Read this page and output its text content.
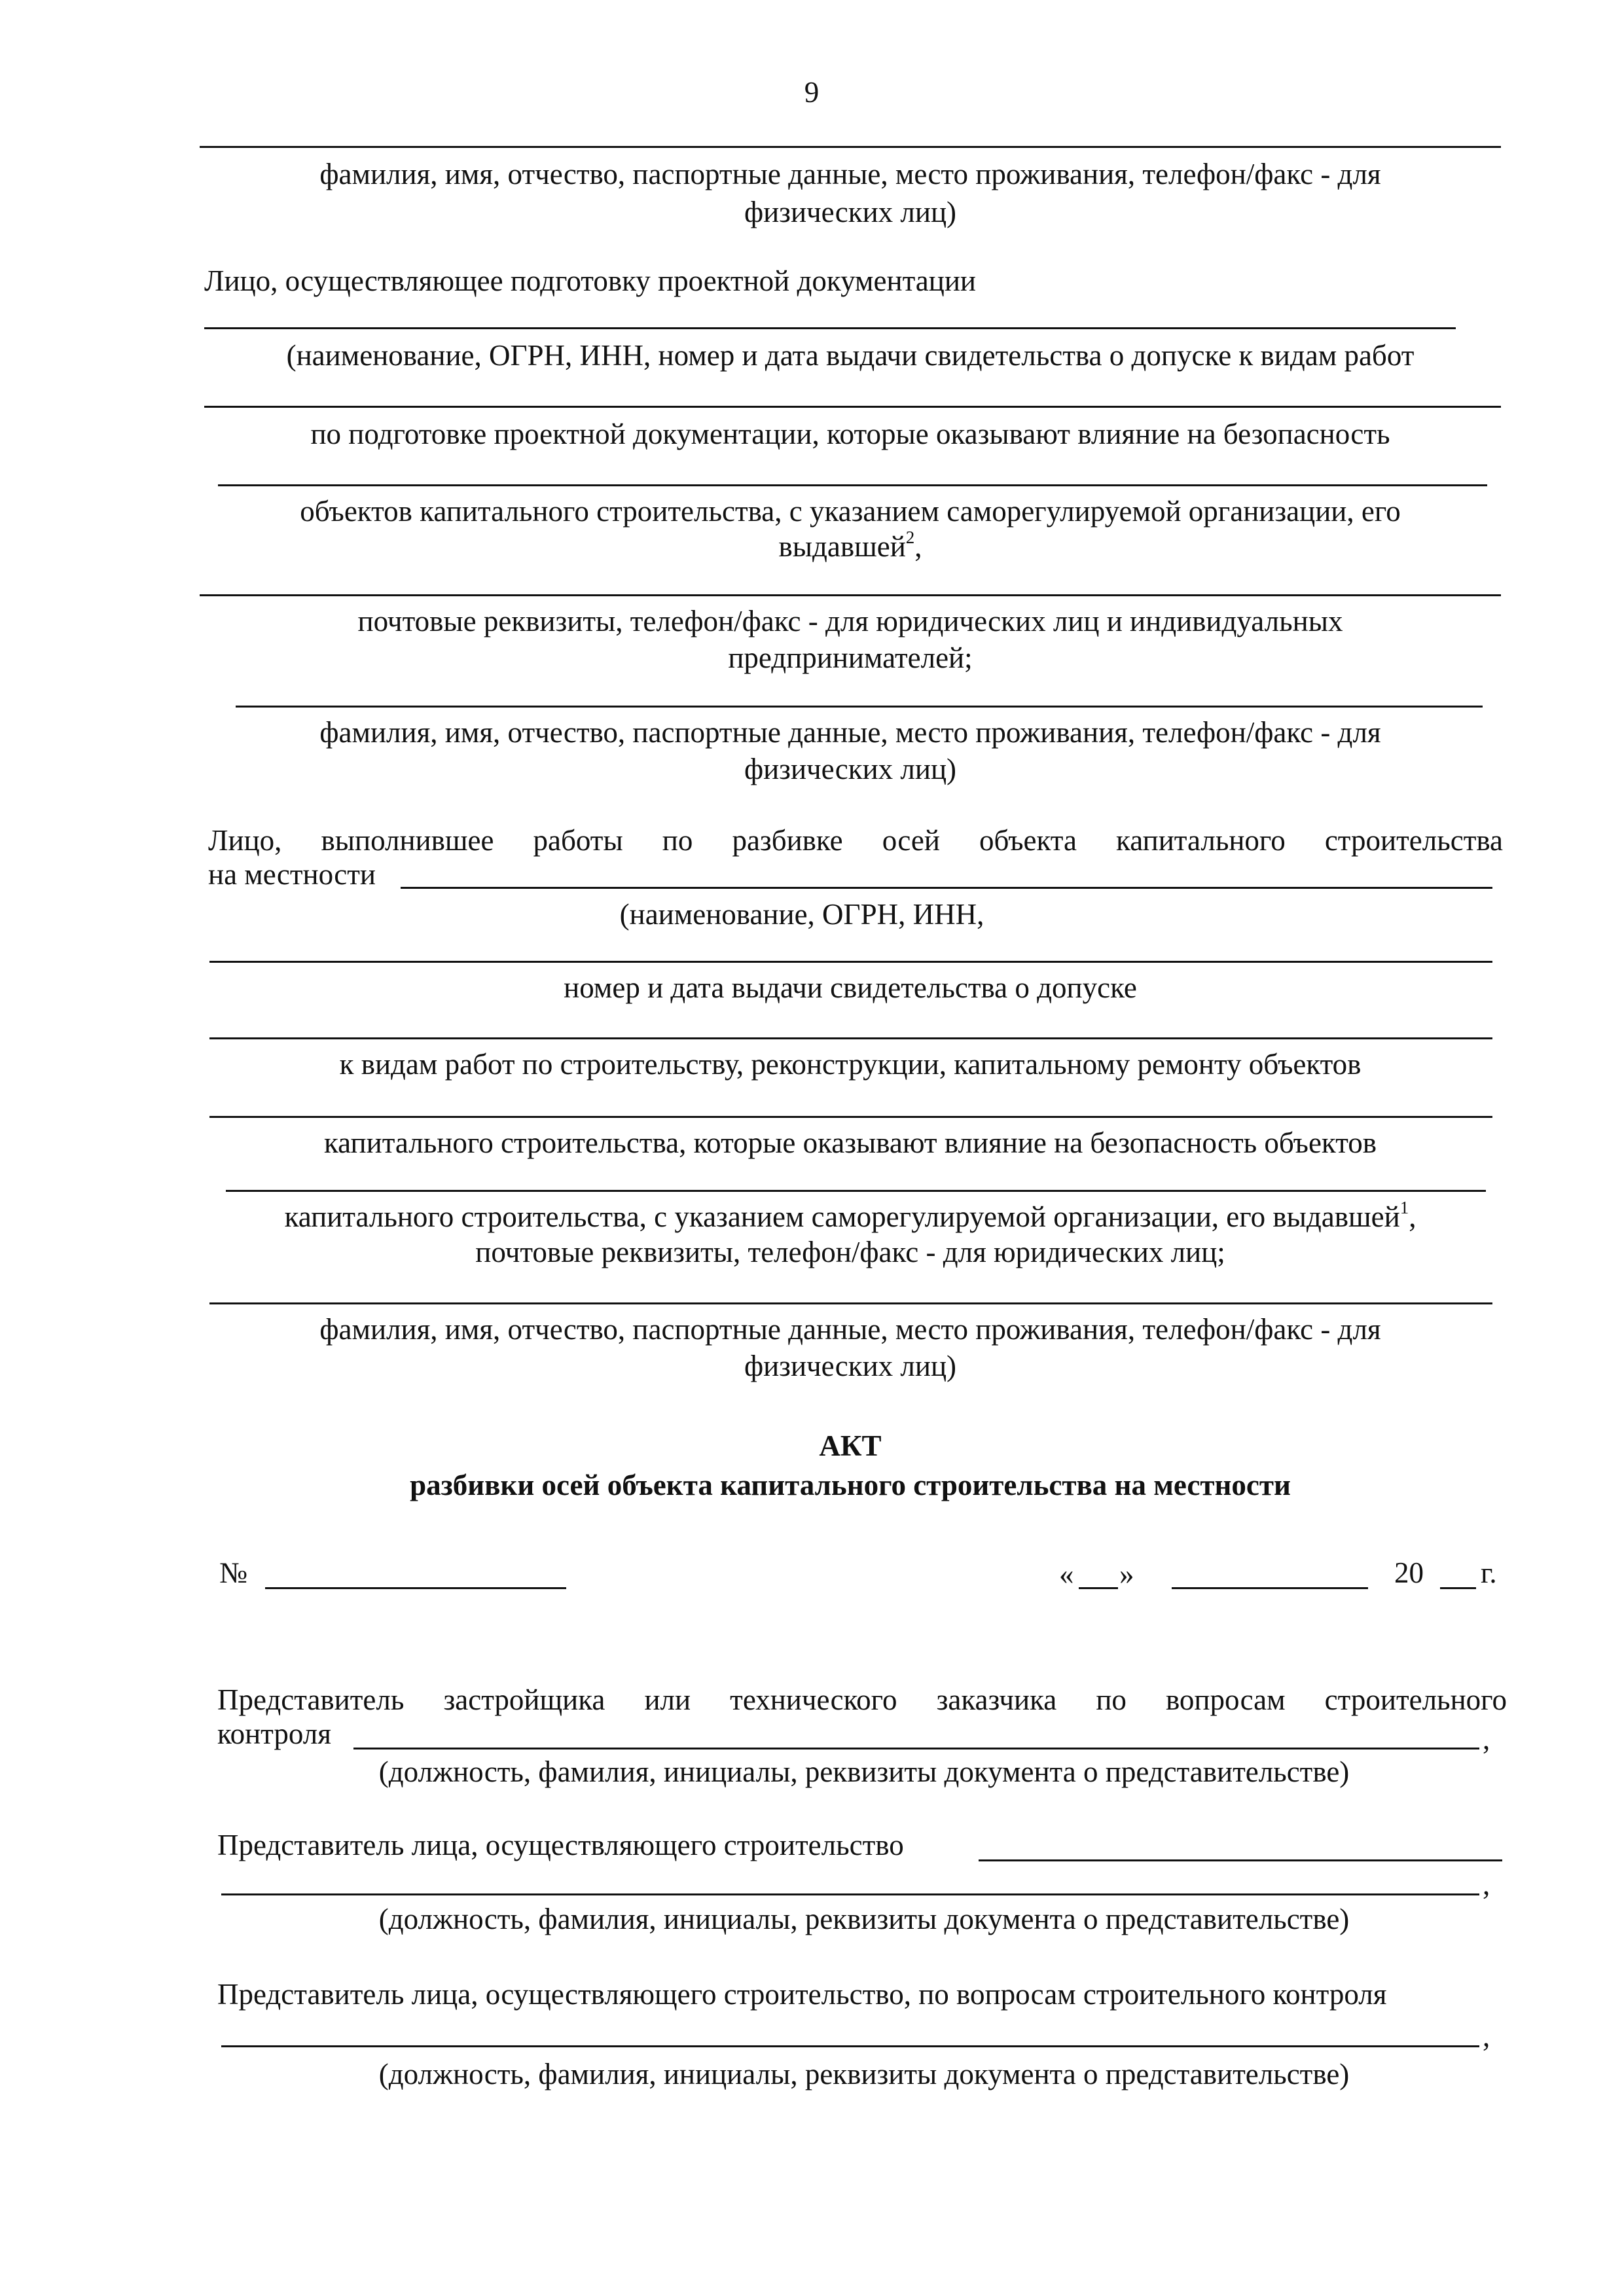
9
фамилия, имя, отчество, паспортные данные, место проживания, телефон/факс - для
физических лиц)
Лицо, осуществляющее подготовку проектной документации
(наименование, ОГРН, ИНН, номер и дата выдачи свидетельства о допуске к видам работ
по подготовке проектной документации, которые оказывают влияние на безопасность
объектов капитального строительства, с указанием саморегулируемой организации, его
выдавшей$^2$,
почтовые реквизиты, телефон/факс - для юридических лиц и индивидуальных
предпринимателей;
фамилия, имя, отчество, паспортные данные, место проживания, телефон/факс - для
физических лиц)
Лицо, выполнившее работы по разбивке осей объекта капитального строительства
на местности
(наименование, ОГРН, ИНН,
номер и дата выдачи свидетельства о допуске
к видам работ по строительству, реконструкции, капитальному ремонту объектов
капитального строительства, которые оказывают влияние на безопасность объектов
капитального строительства, с указанием саморегулируемой организации, его выдавшей$^1$,
почтовые реквизиты, телефон/факс - для юридических лиц;
фамилия, имя, отчество, паспортные данные, место проживания, телефон/факс - для
физических лиц)
АКТ
разбивки осей объекта капитального строительства на местности
№	« »	20 г.
Представитель застройщика или технического заказчика по вопросам строительного
контроля	,
(должность, фамилия, инициалы, реквизиты документа о представительстве)
Представитель лица, осуществляющего строительство
,
(должность, фамилия, инициалы, реквизиты документа о представительстве)
Представитель лица, осуществляющего строительство, по вопросам строительного контроля
,
(должность, фамилия, инициалы, реквизиты документа о представительстве)
